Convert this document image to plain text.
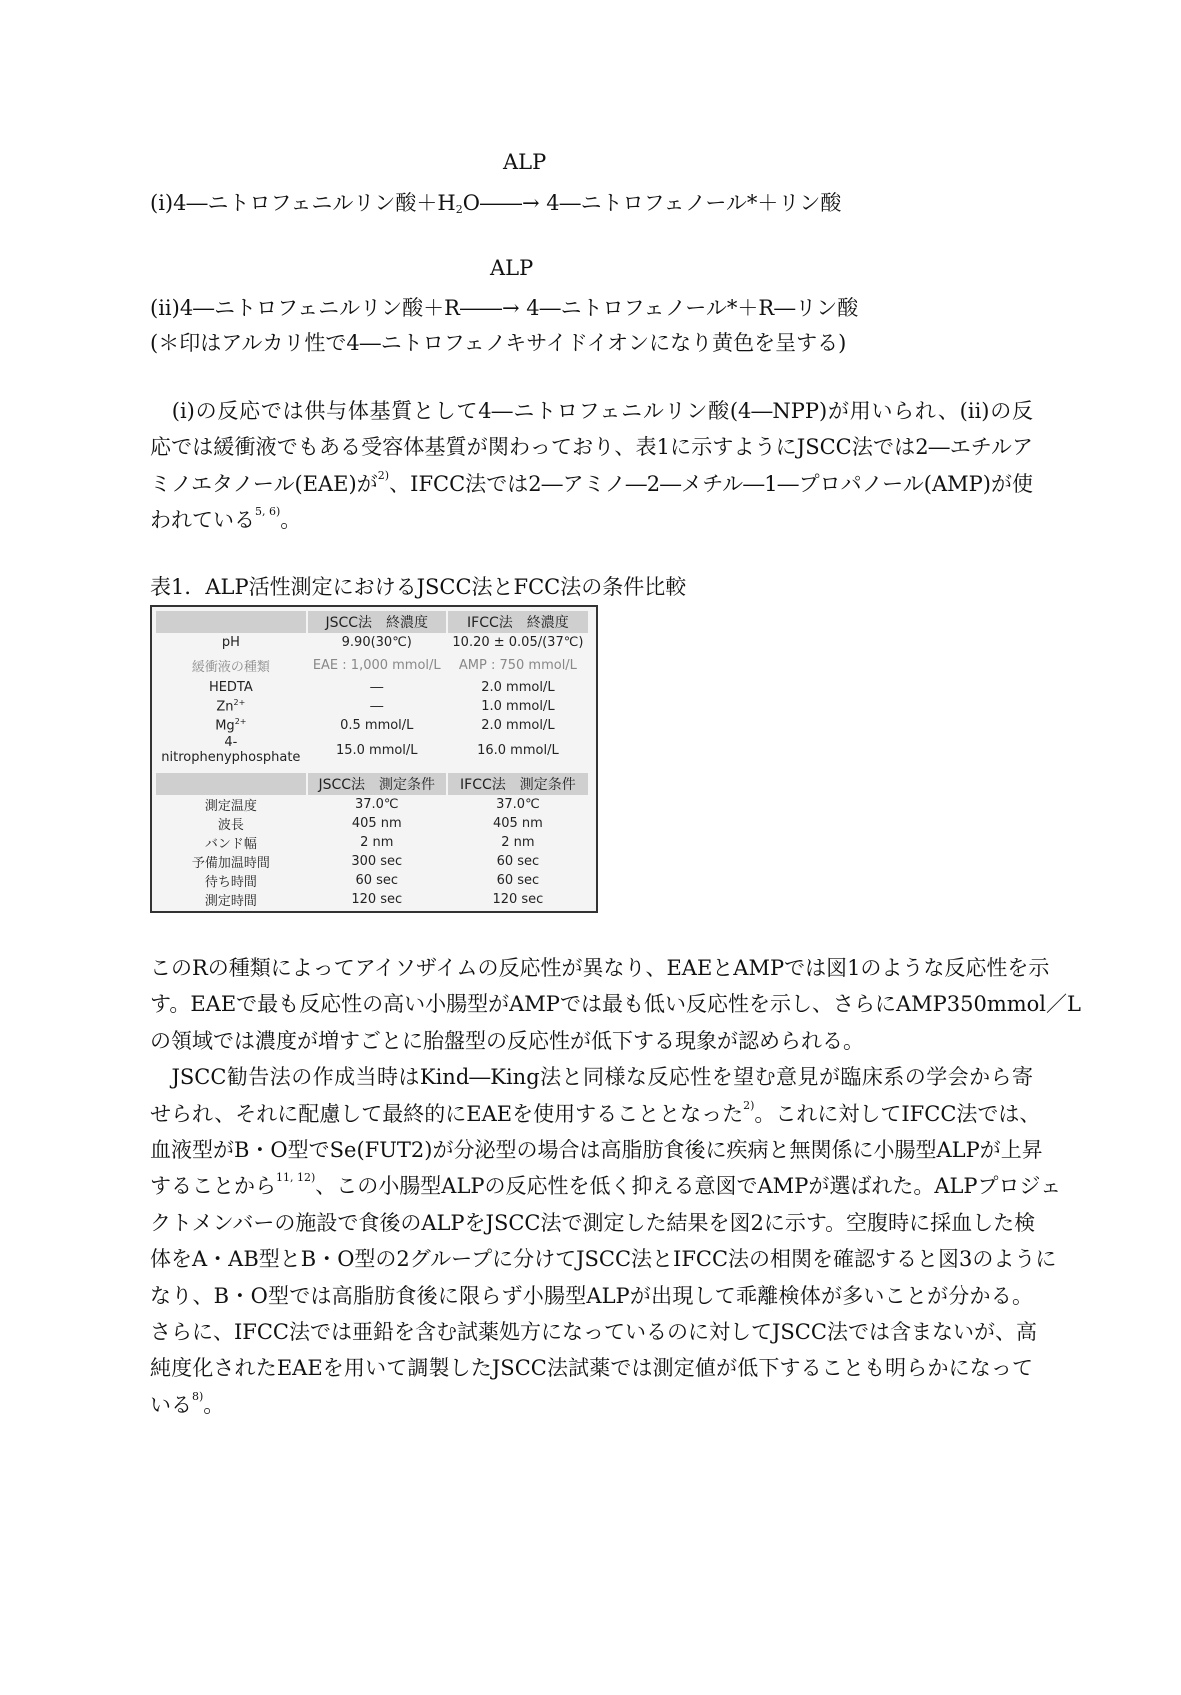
ALP
(i)4―ニトロフェニルリン酸$+H_2O――\to$ 4―ニトロフェノール*＋リン酸
ALP
(ii)4―ニトロフェニルリン酸＋R――→ 4―ニトロフェノール*＋R―リン酸
(＊印はアルカリ性で4―ニトロフェノキサイドイオンになり黄色を呈する)
　(i)の反応では供与体基質として4―ニトロフェニルリン酸(4―NPP)が用いられ、(ii)の反
応では緩衝液でもある受容体基質が関わっており、表1に示すようにJSCC法では2―エチルア
ミノエタノール(EAE)が$^{2)}$、IFCC法では2―アミノ―2―メチル―1―プロパノール(AMP)が使
われている$^{5, 6)}$。
表1．ALP活性測定におけるJSCC法とFCC法の条件比較
	JSCC法　終濃度	IFCC法　終濃度
pH	9.90(30℃)	10.20 ± 0.05/(37℃)
緩衝液の種類	EAE : 1,000 mmol/L	AMP : 750 mmol/L
HEDTA	―	2.0 mmol/L
$Zn^{2+}$	―	1.0 mmol/L
$Mg^{2+}$	0.5 mmol/L	2.0 mmol/L
4-nitrophenyphosphate	15.0 mmol/L	16.0 mmol/L

	JSCC法　測定条件	IFCC法　測定条件
測定温度	37.0℃	37.0℃
波長	405 nm	405 nm
バンド幅	2 nm	2 nm
予備加温時間	300 sec	60 sec
待ち時間	60 sec	60 sec
測定時間	120 sec	120 sec
このRの種類によってアイソザイムの反応性が異なり、EAEとAMPでは図1のような反応性を示
す。EAEで最も反応性の高い小腸型がAMPでは最も低い反応性を示し、さらにAMP350mmol／L
の領域では濃度が増すごとに胎盤型の反応性が低下する現象が認められる。
　JSCC勧告法の作成当時はKind―King法と同様な反応性を望む意見が臨床系の学会から寄
せられ、それに配慮して最終的にEAEを使用することとなった$^{2)}$。これに対してIFCC法では、
血液型がB・O型でSe(FUT2)が分泌型の場合は高脂肪食後に疾病と無関係に小腸型ALPが上昇
することから$^{11, 12)}$、この小腸型ALPの反応性を低く抑える意図でAMPが選ばれた。ALPプロジェ
クトメンバーの施設で食後のALPをJSCC法で測定した結果を図2に示す。空腹時に採血した検
体をA・AB型とB・O型の2グループに分けてJSCC法とIFCC法の相関を確認すると図3のように
なり、B・O型では高脂肪食後に限らず小腸型ALPが出現して乖離検体が多いことが分かる。
さらに、IFCC法では亜鉛を含む試薬処方になっているのに対してJSCC法では含まないが、高
純度化されたEAEを用いて調製したJSCC法試薬では測定値が低下することも明らかになって
いる$^{8)}$。
